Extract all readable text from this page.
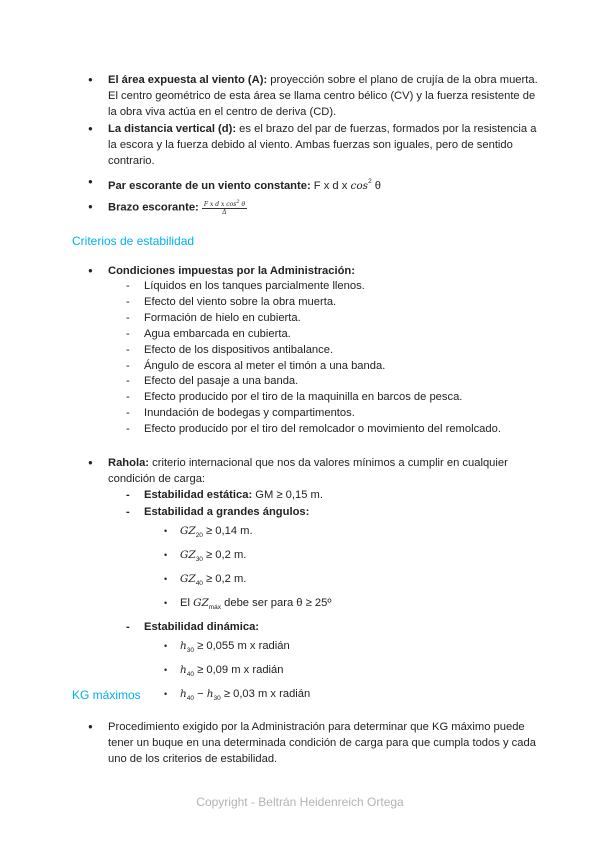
● El área expuesta al viento (A): proyección sobre el plano de crujía de la obra muerta. El centro geométrico de esta área se llama centro bélico (CV) y la fuerza resistente de la obra viva actúa en el centro de deriva (CD).
● La distancia vertical (d): es el brazo del par de fuerzas, formados por la resistencia a la escora y la fuerza debido al viento. Ambas fuerzas son iguales, pero de sentido contrario.
● Par escorante de un viento constante: F x d x $\cos^2 \theta$
● Brazo escorante: $\frac{F x d x \cos^2 \theta}{\Delta}$
Criterios de estabilidad
● Condiciones impuestas por la Administración:
- Líquidos en los tanques parcialmente llenos.
- Efecto del viento sobre la obra muerta.
- Formación de hielo en cubierta.
- Agua embarcada en cubierta.
- Efecto de los dispositivos antibalance.
- Ángulo de escora al meter el timón a una banda.
- Efecto del pasaje a una banda.
- Efecto producido por el tiro de la maquinilla en barcos de pesca.
- Inundación de bodegas y compartimentos.
- Efecto producido por el tiro del remolcador o movimiento del remolcado.
● Rahola: criterio internacional que nos da valores mínimos a cumplir en cualquier condición de carga:
- Estabilidad estática: GM ≥ 0,15 m.
- Estabilidad a grandes ángulos:
• $GZ_{20} \ge 0,14$ m.
• $GZ_{30} \ge 0,2$ m.
• $GZ_{40} \ge 0,2$ m.
• El $GZ_{máx}$ debe ser para θ ≥ 25º
- Estabilidad dinámica:
• $h_{30} \ge 0,055$ m x radián
• $h_{40} \ge 0,09$ m x radián
• $h_{40} - h_{30} \ge 0,03$ m x radián
KG máximos
● Procedimiento exigido por la Administración para determinar que KG máximo puede tener un buque en una determinada condición de carga para que cumpla todos y cada uno de los criterios de estabilidad.
Copyright - Beltrán Heidenreich Ortega
